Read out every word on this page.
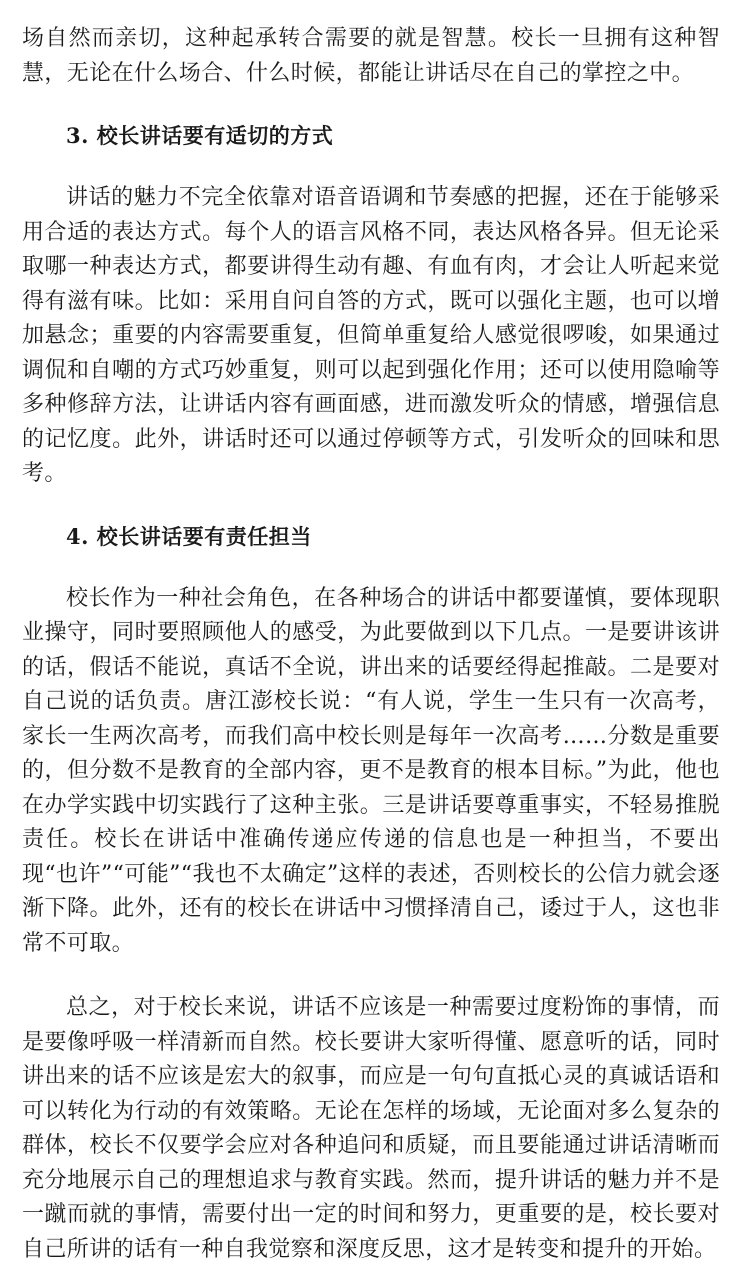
场自然而亲切，这种起承转合需要的就是智慧。校长一旦拥有这种智慧，无论在什么场合、什么时候，都能让讲话尽在自己的掌控之中。

3. 校长讲话要有适切的方式

讲话的魅力不完全依靠对语音语调和节奏感的把握，还在于能够采用合适的表达方式。每个人的语言风格不同，表达风格各异。但无论采取哪一种表达方式，都要讲得生动有趣、有血有肉，才会让人听起来觉得有滋有味。比如：采用自问自答的方式，既可以强化主题，也可以增加悬念；重要的内容需要重复，但简单重复给人感觉很啰唆，如果通过调侃和自嘲的方式巧妙重复，则可以起到强化作用；还可以使用隐喻等多种修辞方法，让讲话内容有画面感，进而激发听众的情感，增强信息的记忆度。此外，讲话时还可以通过停顿等方式，引发听众的回味和思考。

4. 校长讲话要有责任担当

校长作为一种社会角色，在各种场合的讲话中都要谨慎，要体现职业操守，同时要照顾他人的感受，为此要做到以下几点。一是要讲该讲的话，假话不能说，真话不全说，讲出来的话要经得起推敲。二是要对自己说的话负责。唐江澎校长说：“有人说，学生一生只有一次高考，家长一生两次高考，而我们高中校长则是每年一次高考……分数是重要的，但分数不是教育的全部内容，更不是教育的根本目标。”为此，他也在办学实践中切实践行了这种主张。三是讲话要尊重事实，不轻易推脱责任。校长在讲话中准确传递应传递的信息也是一种担当，不要出现“也许”“可能”“我也不太确定”这样的表述，否则校长的公信力就会逐渐下降。此外，还有的校长在讲话中习惯择清自己，诿过于人，这也非常不可取。

总之，对于校长来说，讲话不应该是一种需要过度粉饰的事情，而是要像呼吸一样清新而自然。校长要讲大家听得懂、愿意听的话，同时讲出来的话不应该是宏大的叙事，而应是一句句直抵心灵的真诚话语和可以转化为行动的有效策略。无论在怎样的场域，无论面对多么复杂的群体，校长不仅要学会应对各种追问和质疑，而且要能通过讲话清晰而充分地展示自己的理想追求与教育实践。然而，提升讲话的魅力并不是一蹴而就的事情，需要付出一定的时间和努力，更重要的是，校长要对自己所讲的话有一种自我觉察和深度反思，这才是转变和提升的开始。
